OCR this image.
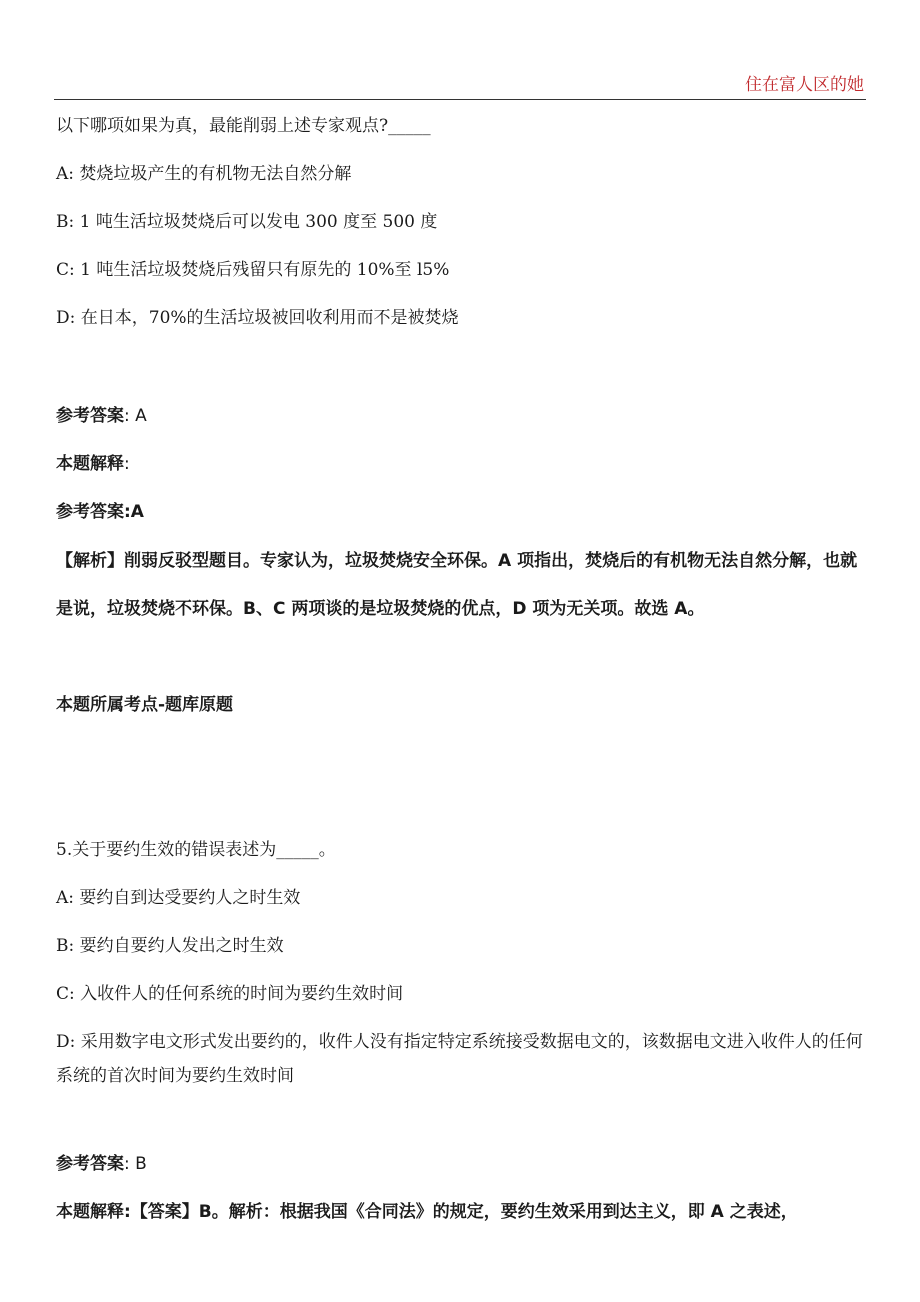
住在富人区的她
以下哪项如果为真，最能削弱上述专家观点?_____
A: 焚烧垃圾产生的有机物无法自然分解
B: 1 吨生活垃圾焚烧后可以发电 300 度至 500 度
C: 1 吨生活垃圾焚烧后残留只有原先的 10%至 l5%
D: 在日本，70%的生活垃圾被回收利用而不是被焚烧
参考答案: A
本题解释:
参考答案:A
【解析】削弱反驳型题目。专家认为，垃圾焚烧安全环保。A 项指出，焚烧后的有机物无法自然分解，也就是说，垃圾焚烧不环保。B、C 两项谈的是垃圾焚烧的优点，D 项为无关项。故选 A。
本题所属考点-题库原题
5.关于要约生效的错误表述为_____。
A: 要约自到达受要约人之时生效
B: 要约自要约人发出之时生效
C: 入收件人的任何系统的时间为要约生效时间
D: 采用数字电文形式发出要约的，收件人没有指定特定系统接受数据电文的，该数据电文进入收件人的任何系统的首次时间为要约生效时间
参考答案: B
本题解释:【答案】B。解析：根据我国《合同法》的规定，要约生效采用到达主义，即 A 之表述，
